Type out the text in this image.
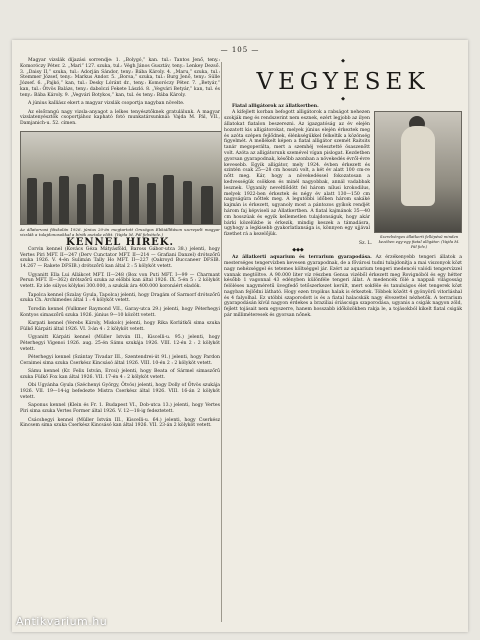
— 105 —

Magyar vizslák díjazási sorrendje: 1. „Bolygó,” kan. tul.: Tantos Jenő, teny.: Komoróczy Péter. 2. „Mari” 127. szuka, tul.: Végh János Gusztáv, teny.: Lenkey Dezső. 3. „Daisy II,” szuka, tul.: Adorján Sándor, teny.: Bába Károly. 4. „Maru,” szuka, tul.: Stemmer József, teny.: Markus Andor. 5. „Borsa,” szuka, tul.: Burg Jenő, teny.: Sülle József. 6. „Pajkó,” kan, tul.: Desky Lóránt dr., teny.: Komoróczy Péter. 7. „Betyár,” kan, tul.: Ötvös Balázs, teny.: dabolczi Fekete László. 8. „Vegvári Betyár,” kan, tul. és teny.: Bába Károly. 9. „Vegvári Botykos,” kan, tul. és teny.: Bába Károly.

A június kalliász ekert a magyar vizslák csoportja nagyban növelte.

Az elsőrangú nagy vizsla-anyagot a lelkes tenyésztőknek gratulálunk. A magyar vizslatenyésztők csoportjához kapható fotó munkatársunknál: Vajda M. Pál, VII., Damjanich-u. 52. címen.

Az állatorvosi főiskolán 1926. június 20-án megtartott Országos Ebkiállításon szerepelt magyar vizslák a tulajdonosokkal a bírák asztala előtt. (Vajda M. Pál felvétele.)
KENNEL HIREK.

Corvin kennel (Kovács Géza Mátyásföld, Baross Gábor-utca 38.) jelenti, hogy Vertes Piri MFT. II—247 (Derv Cunctator MFT. II—214 — Grafiani Danzel) drótszőrű szuka 1926. V. 4-én Sulimán Tally Ho MFT. II—227 (Oakroyd Buccaneer DFSIB. 14.267 — Rakete DFSIB.) drótszőrű kan által 2 : 5 kölyköt vetett.

Ugyanitt Ella Lui Allákcet MFT. II—248 (Box von Puti MFT. I—99 — Charmant Perun MFT. II—362) drótszőrű szuka az előbbi kan által 1926. IX. 5-én 5 : 2 kölyköt vetett. Ez ide súlyos kölykei 300.000, a szukák ára 400.000 koronáért eladók.

Tapolca kennel (Szalay Gyula, Tapolca) jelenti, hogy Dragám of Sarmorf drótszőrű szuka Ch. Archimedes által 1 : 4 kölyköt vetett.

Torodin kennel (Vulkmer Raymond VII., Garay-utca 29.) jelenti, hogy Péterhegyi Kontyos simaszőrű szuka 1926. június 9—10 között vetett.

Karpati kennel (Verebs Károly, Miskolc) jelenti, hogy Rika Korlátkői sima szuka Fülkő Kárpáti által 1926. VI. 3-án 4 : 2 kölyköt vetett.

Ugyanitt Kárpáti kennel (Müller István III., Kiscelli-u. 95.) jelenti, hogy Péterhegyi Vigenoi 1926. aug. 25-én Sámu szukája 1926. VIII. 12-én 2 : 2 kölyköt vetett.

Péterhegyi kennel (Szántay Tivadar III., Szentendrei-út 91.) jelenti, hogy Pardon Ceraimei sima szuka Cserkész Kincsásó által 1926. VIII. 10-én 2 : 2 kölyköt vetett.

Sámu kennel (Kr. Felix István, Ercsi) jelenti, hogy Beata of Sármel simaszőrű szuka Fülkő Fox kan által 1926. VII. 17-én 4 : 2 kölyköt vetett.

Obi Ugyánha Gyula (Széchenyi György, Ötvös) jelenti, hogy Dolly of Ötvös szukája 1926. VII. 19—14-ig befedezte Mistra Cserkész által 1926. VIII. 16-án 2 kölyköt vetett.

Saponus kennel (Klein és Fr. 1. Budapest VI., Dob-utca 13.) jelenti, hogy Vertes Piri sima szuka Vertes Former által 1926. V. 12—18-ig fedeztetett.

Csácshegyi kennel (Müller István III., Kiscelli-u. 64.) jelenti, hogy Cserkész Kincsem sima szuka Cserkész Kincsásó kan által 1926. VII. 23-án 2 kölyköt vetett.

◆
VEGYESEK
◆
Fiatal alligátorok az állatkertben.
Szerelvényes állatkerti fellépésű minden kezében egy-egy fiatal alligátor. (Vajda M. Pál felv.)

A kifejlett korban befogott alligátorok a rabságot nehezen szokják meg és rendszerint nem esznek, ezért legjobb az ilyen állatokat fiatalon beszerezni. Az igazgatóság az év elején hozatott kis alligátorokat, melyek június elején érkeztek meg és azóta szépen fejlődnek, élénkségükkel felkeltik a közönség figyelmét. A mellékelt képen a fiatal alligátor szemét Raitsits tanár megoperálta, mert a szemhéj velesztetté ösaszenőtt volt. Azóta az alligátorunk szemével vígan pislogat. Kezdetben gyorsan gyarapodnak, később azonban a növekedés évről-évre kevesebb. Egyik alligátor, mely 1924. évben érkezett és szintén csak 25—28 cm hosszú volt, a két év alatt 100 cm-re nőtt meg. Kár, hogy a növekedéssel fokozatosan a kedvességük csökken és minél nagyobbak, annál vadabbak lesznek. Ugyanily neveltlődött fel három nílusi krokodilus, melyek 1922-ben érkeztek és négy év alatt 130—150 cm nagyságúra nőttek meg. A legutóbbi időben három sakáké kajmán is érkezett, ugyanoly most a pántozos gyíkok rendjét három faj képviseli az Állatkertben. A fiatal kajmánok 35—40 cm hosszúak és egyik kellemetlen tulajdonságuk, hogy akár bárki közelükbe is érkezik, mindig keszek a támadásra, ugyhogy a legkisebb gyakorlatlansága is, könnyen egy ujjával fizethet rá a kezelőjük.

Sz. L.
◆◆◆

Az állatkerti aquarium és terrarium gyarapodása. Az érzékenyebb tengeri állatok a mesterséges tengervízben kevesen gyarapodnak, de a fővárosi tudni tulajdonítja a mai viszonyok közt nagy nehézséggel és tetemes költséggel jár. Ezért az aquarium tengeri medencéi valódi tengervízzel vannak megtöltve. A 90.000 liter víz részben Genua vizéből érkezett meg Rovignóból és egy hétter később 1 vagonnal 43 edényben különféle tengeri állat. A medencék fölé a nappali világosság felöléses nagyméretű üvegfedő tetőszerkezet került, mert sokféle és tanulságos élet tengerek közt nagyban fejlődni látható. Hogy ezen tropikus halak is érkeztek. Többek között 4 gyönyörű vitorláshal és 4 falyolhal. Ez utóbbi szaporodott is és a fiatal halacskák nagy élvezettel nézhetők. A terrarium gyarapodásán kívül nagyon érdekes a braziliai óriáscsiga szaporodása, ugyanis a csigák nagyon zöld, fejlett tojásait nem egyszerre, hanem hosszabb időközökben rakja le, a tojásokból kikelt fiatal csigák pár milliméteresek és gyorsan nőnek.

Antikvarium.hu
